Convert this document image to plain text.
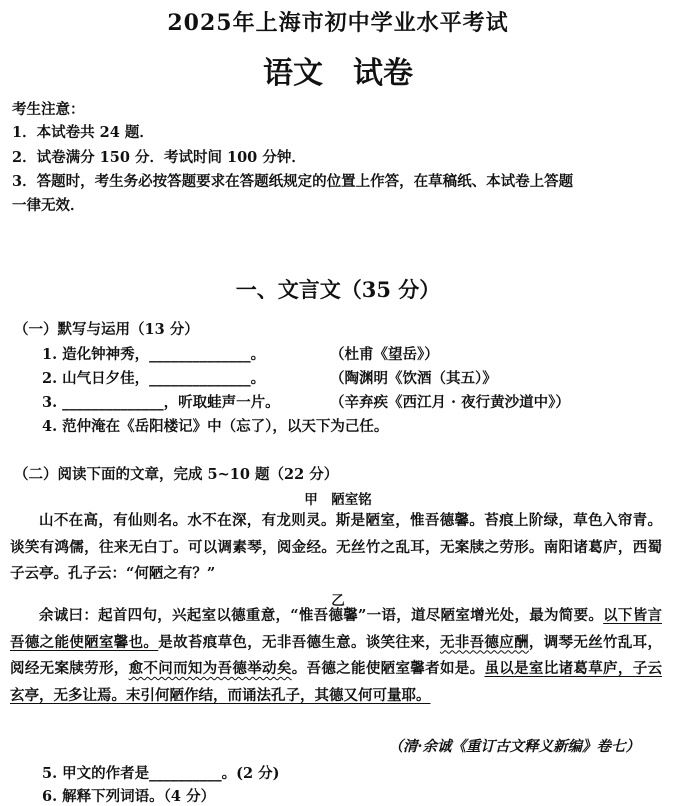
2025年上海市初中学业水平考试
语文　试卷
考生注意：
1．本试卷共 24 题．
2．试卷满分 150 分．考试时间 100 分钟．
3．答题时，考生务必按答题要求在答题纸规定的位置上作答，在草稿纸、本试卷上答题
一律无效．
一、文言文（35 分）
（一）默写与运用（13 分）
1. 造化钟神秀，______________。	（杜甫《望岳》）
2. 山气日夕佳，______________。	（陶渊明《饮酒（其五）》
3. ______________，听取蛙声一片。	（辛弃疾《西江月 · 夜行黄沙道中》）
4. 范仲淹在《岳阳楼记》中（忘了），以天下为己任。
（二）阅读下面的文章，完成 5~10 题（22 分）
甲　陋室铭
山不在高，有仙则名。水不在深，有龙则灵。斯是陋室，惟吾德馨。苔痕上阶绿，草色入帘青。谈笑有鸿儒，往来无白丁。可以调素琴，阅金经。无丝竹之乱耳，无案牍之劳形。南阳诸葛庐，西蜀子云亭。孔子云：“何陋之有？”
乙
余诚曰：起首四句，兴起室以德重意，“惟吾德馨”一语，道尽陋室增光处，最为简要。以下皆言吾德之能使陋室馨也。是故苔痕草色，无非吾德生意。谈笑往来，无非吾德应酬，调琴无丝竹乱耳，阅经无案牍劳形，愈不问而知为吾德举动矣。吾德之能使陋室馨者如是。虽以是室比诸葛草庐，子云玄亭，无多让焉。末引何陋作结，而诵法孔子，其德又何可量耶。
（清·余诚《重订古文释义新编》卷七）
5. 甲文的作者是__________。(2 分)
6. 解释下列词语。（4 分）
